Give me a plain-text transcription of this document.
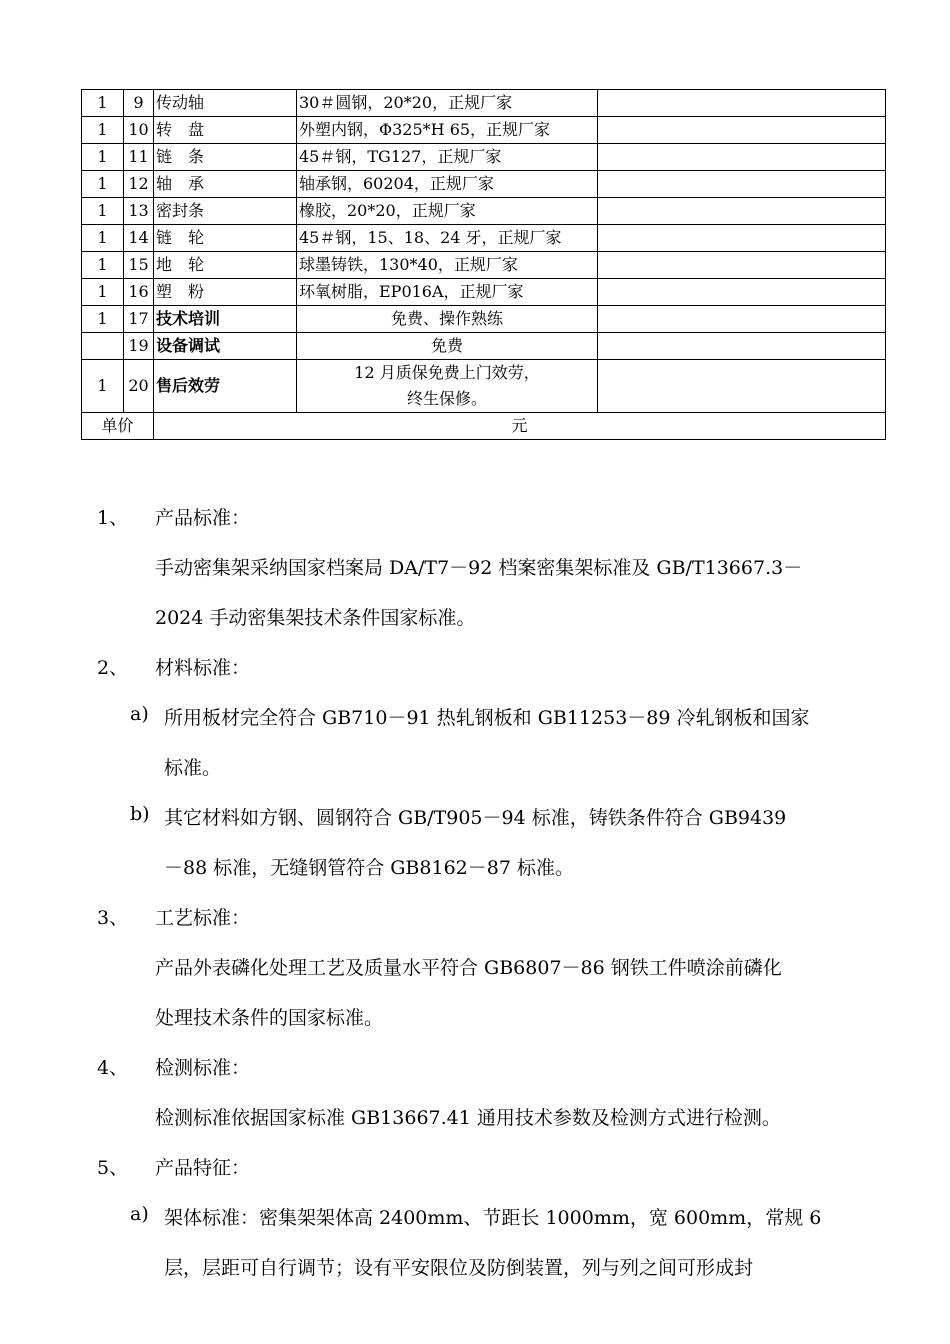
1	9	传动轴	30＃圆钢，20*20，正规厂家	
1	10	转　盘	外塑内钢，Φ325*H 65，正规厂家	
1	11	链　条	45＃钢，TG127，正规厂家	
1	12	轴　承	轴承钢，60204，正规厂家	
1	13	密封条	橡胶，20*20，正规厂家	
1	14	链　轮	45＃钢，15、18、24 牙，正规厂家	
1	15	地　轮	球墨铸铁，130*40，正规厂家	
1	16	塑　粉	环氧树脂，EP016A，正规厂家	
1	17	技术培训	免费、操作熟练	
	19	设备调试	免费	
1	20	售后效劳	12 月质保免费上门效劳，
终生保修。	

单价		元		
1、 产品标准：
手动密集架采纳国家档案局 DA/T7－92 档案密集架标准及 GB/T13667.3－
2024 手动密集架技术条件国家标准。
2、 材料标准：
a) 所用板材完全符合 GB710－91 热轧钢板和 GB11253－89 冷轧钢板和国家
标准。
b) 其它材料如方钢、圆钢符合 GB/T905－94 标准，铸铁条件符合 GB9439
－88 标准，无缝钢管符合 GB8162－87 标准。
3、 工艺标准：
产品外表磷化处理工艺及质量水平符合 GB6807－86 钢铁工件喷涂前磷化
处理技术条件的国家标准。
4、 检测标准：
检测标准依据国家标准 GB13667.41 通用技术参数及检测方式进行检测。
5、 产品特征：
a) 架体标准：密集架架体高 2400mm、节距长 1000mm，宽 600mm，常规 6
层，层距可自行调节；设有平安限位及防倒装置，列与列之间可形成封
